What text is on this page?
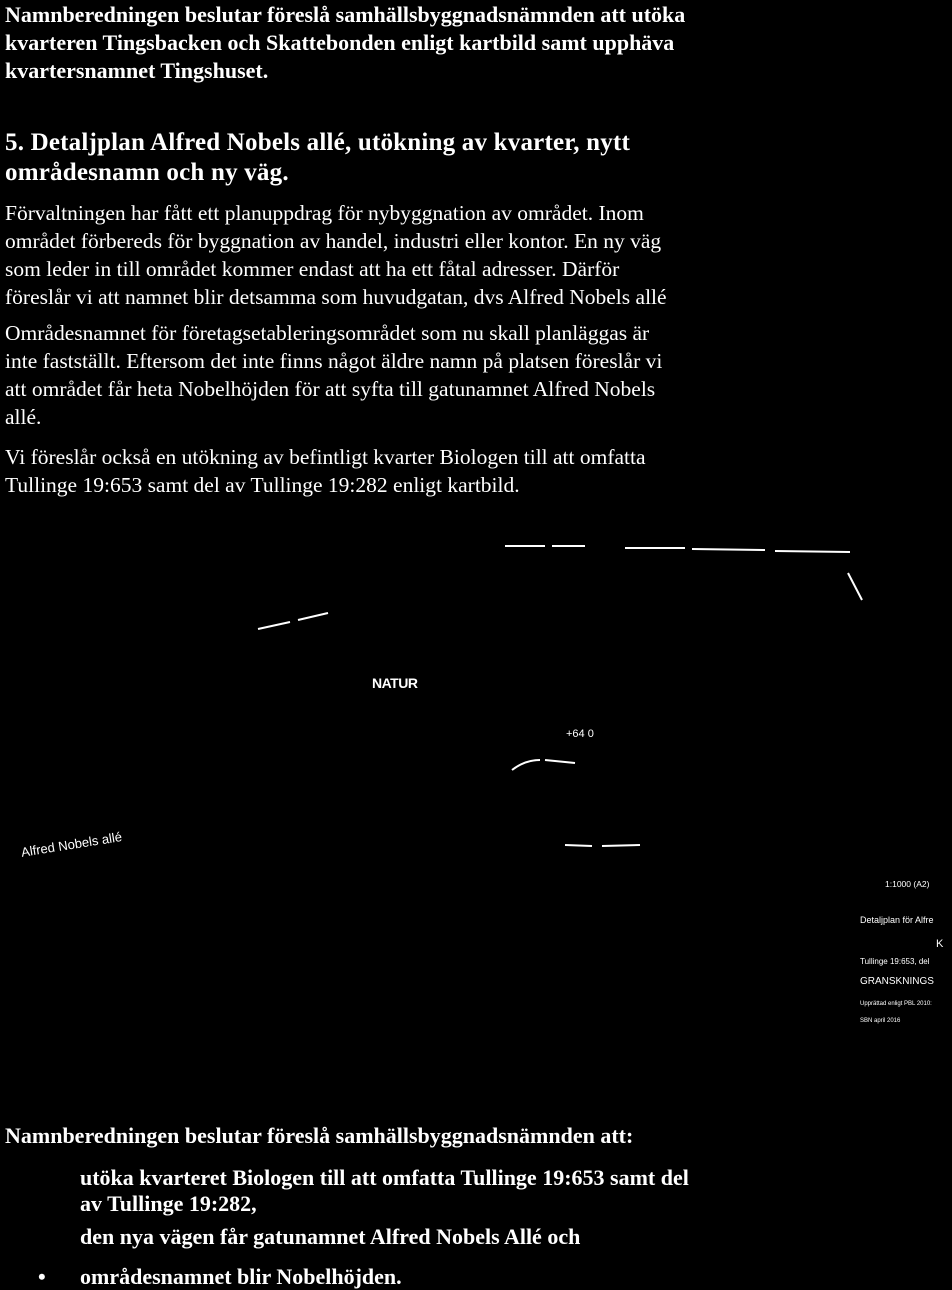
Namnberedningen beslutar föreslå samhällsbyggnadsnämnden att utöka

kvarteren Tingsbacken och Skattebonden enligt kartbild samt upphäva

kvartersnamnet Tingshuset.

5. Detaljplan Alfred Nobels allé, utökning av kvarter, nytt

områdesnamn och ny väg.

Förvaltningen har fått ett planuppdrag för nybyggnation av området. Inom

området förbereds för byggnation av handel, industri eller kontor. En ny väg

som leder in till området kommer endast att ha ett fåtal adresser. Därför

föreslår vi att namnet blir detsamma som huvudgatan, dvs Alfred Nobels allé

Områdesnamnet för företagsetableringsområdet som nu skall planläggas är

inte fastställt. Eftersom det inte finns något äldre namn på platsen föreslår vi

att området får heta Nobelhöjden för att syfta till gatunamnet Alfred Nobels

allé.

Vi föreslår också en utökning av befintligt kvarter Biologen till att omfatta

Tullinge 19:653 samt del av Tullinge 19:282 enligt kartbild.

NATUR
+64 0
Alfred Nobels allé
1:1000 (A2)
Detaljplan för Alfre
K
Tullinge 19:653, del
GRANSKNINGS
Upprättad enligt PBL 2010:
SBN april 2016

Namnberedningen beslutar föreslå samhällsbyggnadsnämnden att:

utöka kvarteret Biologen till att omfatta Tullinge 19:653 samt del

av Tullinge 19:282,

den nya vägen får gatunamnet Alfred Nobels Allé och

• områdesnamnet blir Nobelhöjden.
